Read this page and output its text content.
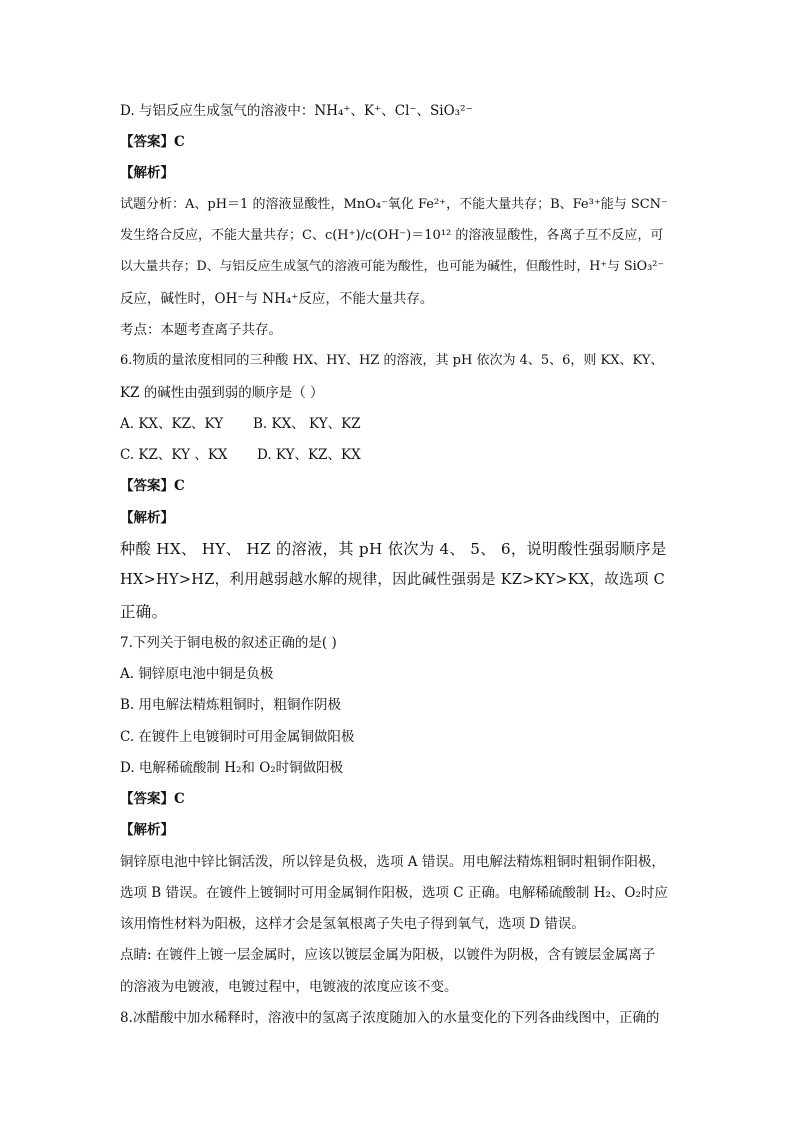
D. 与铝反应生成氢气的溶液中：NH₄⁺、K⁺、Cl⁻、SiO₃²⁻
【答案】C
【解析】
试题分析：A、pH＝1 的溶液显酸性，MnO₄⁻氧化 Fe²⁺，不能大量共存；B、Fe³⁺能与 SCN⁻
发生络合反应，不能大量共存；C、c(H⁺)/c(OH⁻)＝10¹² 的溶液显酸性，各离子互不反应，可
以大量共存；D、与铝反应生成氢气的溶液可能为酸性，也可能为碱性，但酸性时，H⁺与 SiO₃²⁻
反应，碱性时，OH⁻与 NH₄⁺反应，不能大量共存。
考点：本题考查离子共存。
6.物质的量浓度相同的三种酸 HX、HY、HZ 的溶液，其 pH 依次为 4、5、6，则 KX、KY、
KZ 的碱性由强到弱的顺序是（ ）
A. KX、KZ、KY B. KX、 KY、KZ
C. KZ、KY 、KX D. KY、KZ、KX
【答案】C
【解析】
种酸 HX、 HY、 HZ 的溶液，其 pH 依次为 4、 5、 6，说明酸性强弱顺序是
HX>HY>HZ，利用越弱越水解的规律，因此碱性强弱是 KZ>KY>KX，故选项 C
正确。
7.下列关于铜电极的叙述正确的是( )
A. 铜锌原电池中铜是负极
B. 用电解法精炼粗铜时，粗铜作阴极
C. 在镀件上电镀铜时可用金属铜做阳极
D. 电解稀硫酸制 H₂和 O₂时铜做阳极
【答案】C
【解析】
铜锌原电池中锌比铜活泼，所以锌是负极，选项 A 错误。用电解法精炼粗铜时粗铜作阳极，
选项 B 错误。在镀件上镀铜时可用金属铜作阳极，选项 C 正确。电解稀硫酸制 H₂、O₂时应
该用惰性材料为阳极，这样才会是氢氧根离子失电子得到氧气，选项 D 错误。
点睛: 在镀件上镀一层金属时，应该以镀层金属为阳极，以镀件为阴极，含有镀层金属离子
的溶液为电镀液，电镀过程中，电镀液的浓度应该不变。
8.冰醋酸中加水稀释时，溶液中的氢离子浓度随加入的水量变化的下列各曲线图中，正确的
